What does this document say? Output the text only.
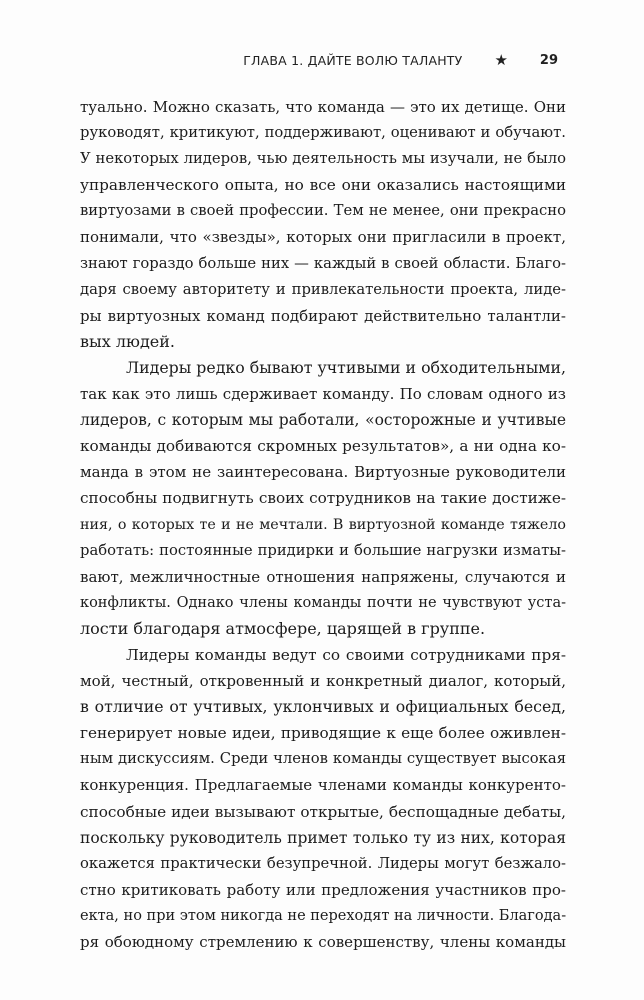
ГЛАВА 1. ДАЙТЕ ВОЛЮ ТАЛАНТУ ★ 29

туально. Можно сказать, что команда — это их детище. Они
руководят, критикуют, поддерживают, оценивают и обучают.
У некоторых лидеров, чью деятельность мы изучали, не было
управленческого опыта, но все они оказались настоящими
виртуозами в своей профессии. Тем не менее, они прекрасно
понимали, что «звезды», которых они пригласили в проект,
знают гораздо больше них — каждый в своей области. Благо-
даря своему авторитету и привлекательности проекта, лиде-
ры виртуозных команд подбирают действительно талантли-
вых людей.

Лидеры редко бывают учтивыми и обходительными,
так как это лишь сдерживает команду. По словам одного из
лидеров, с которым мы работали, «осторожные и учтивые
команды добиваются скромных результатов», а ни одна ко-
манда в этом не заинтересована. Виртуозные руководители
способны подвигнуть своих сотрудников на такие достиже-
ния, о которых те и не мечтали. В виртуозной команде тяжело
работать: постоянные придирки и большие нагрузки изматы-
вают, межличностные отношения напряжены, случаются и
конфликты. Однако члены команды почти не чувствуют уста-
лости благодаря атмосфере, царящей в группе.

Лидеры команды ведут со своими сотрудниками пря-
мой, честный, откровенный и конкретный диалог, который,
в отличие от учтивых, уклончивых и официальных бесед,
генерирует новые идеи, приводящие к еще более оживлен-
ным дискуссиям. Среди членов команды существует высокая
конкуренция. Предлагаемые членами команды конкуренто-
способные идеи вызывают открытые, беспощадные дебаты,
поскольку руководитель примет только ту из них, которая
окажется практически безупречной. Лидеры могут безжало-
стно критиковать работу или предложения участников про-
екта, но при этом никогда не переходят на личности. Благода-
ря обоюдному стремлению к совершенству, члены команды
